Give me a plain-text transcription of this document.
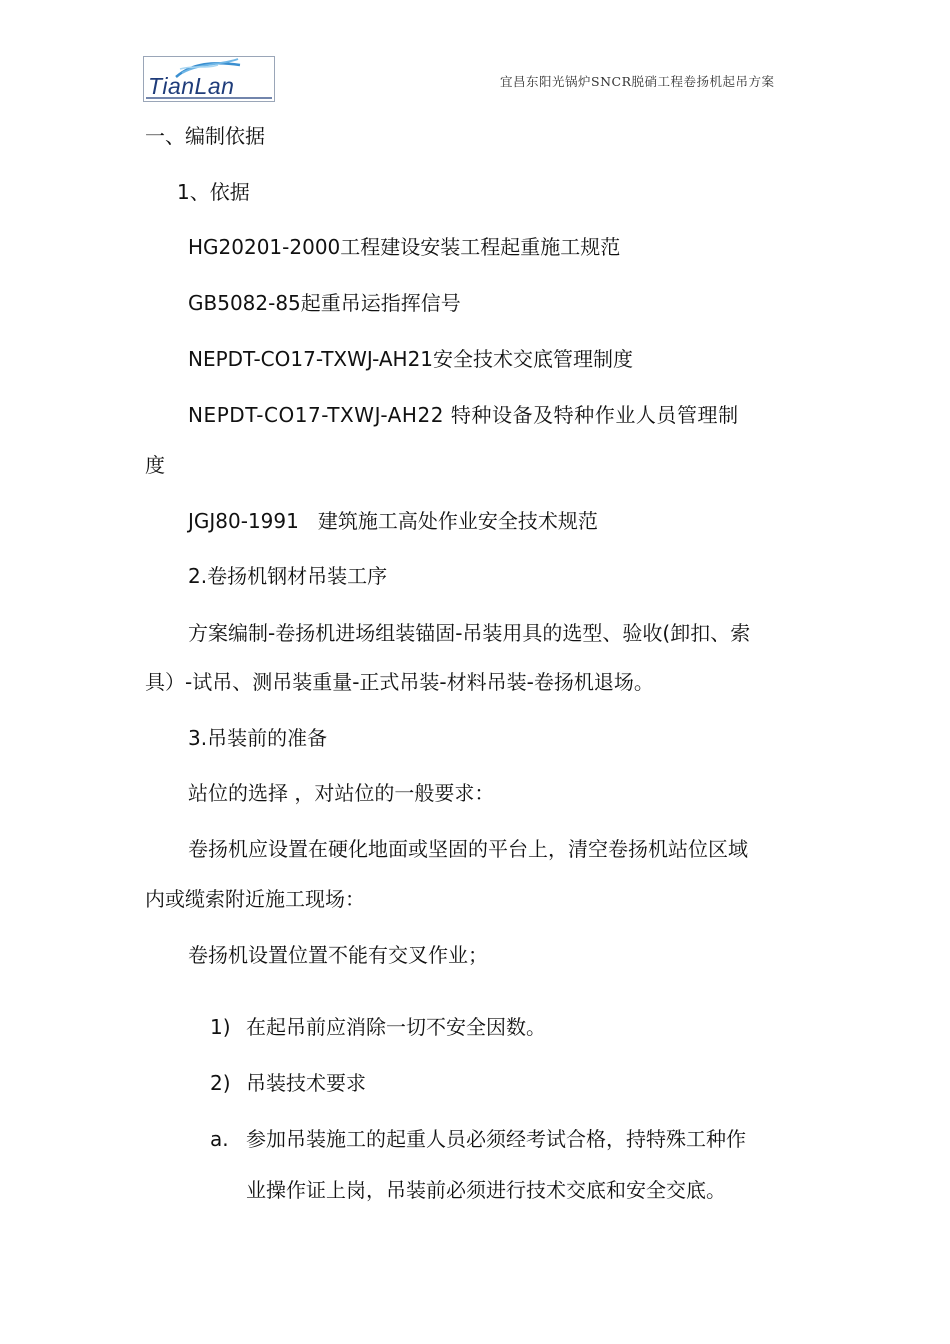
TianLan	宜昌东阳光锅炉SNCR脱硝工程卷扬机起吊方案
一、编制依据
1、依据
HG20201-2000工程建设安装工程起重施工规范
GB5082-85起重吊运指挥信号
NEPDT-CO17-TXWJ-AH21安全技术交底管理制度
NEPDT-CO17-TXWJ-AH22 特种设备及特种作业人员管理制
度
JGJ80-1991   建筑施工高处作业安全技术规范
2.卷扬机钢材吊装工序
方案编制-卷扬机进场组装锚固-吊装用具的选型、验收(卸扣、索
具）-试吊、测吊装重量-正式吊装-材料吊装-卷扬机退场。
3.吊装前的准备
站位的选择 ，对站位的一般要求：
卷扬机应设置在硬化地面或坚固的平台上，清空卷扬机站位区域
内或缆索附近施工现场：
卷扬机设置位置不能有交叉作业；
1) 在起吊前应消除一切不安全因数。
2) 吊装技术要求
a. 参加吊装施工的起重人员必须经考试合格，持特殊工种作
业操作证上岗，吊装前必须进行技术交底和安全交底。
